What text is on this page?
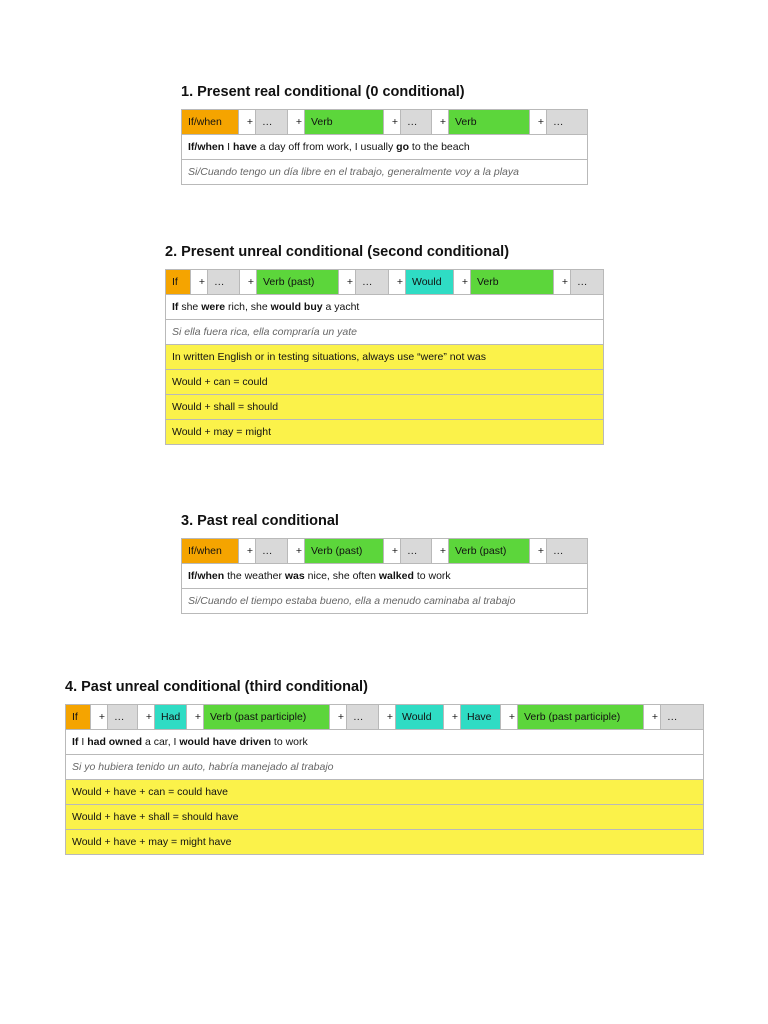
1. Present real conditional (0 conditional)
If/when	+	…	+	Verb	+	…	+	Verb	+	…
If/when I have a day off from work, I usually go to the beach
Si/Cuando tengo un día libre en el trabajo, generalmente voy a la playa
2. Present unreal conditional (second conditional)
If	+	…	+	Verb (past)	+	…	+	Would	+	Verb	+	…
If she were rich, she would buy a yacht
Si ella fuera rica, ella compraría un yate
In written English or in testing situations, always use “were” not was
Would + can = could
Would + shall = should
Would + may = might
3. Past real conditional
If/when	+	…	+	Verb (past)	+	…	+	Verb (past)	+	…
If/when the weather was nice, she often walked to work
Si/Cuando el tiempo estaba bueno, ella a menudo caminaba al trabajo
4. Past unreal conditional (third conditional)
If	+	…	+	Had	+	Verb (past participle)	+	…	+	Would	+	Have	+	Verb (past participle)	+	…
If I had owned a car, I would have driven to work
Si yo hubiera tenido un auto, habría manejado al trabajo
Would + have + can = could have
Would + have + shall = should have
Would + have + may = might have
